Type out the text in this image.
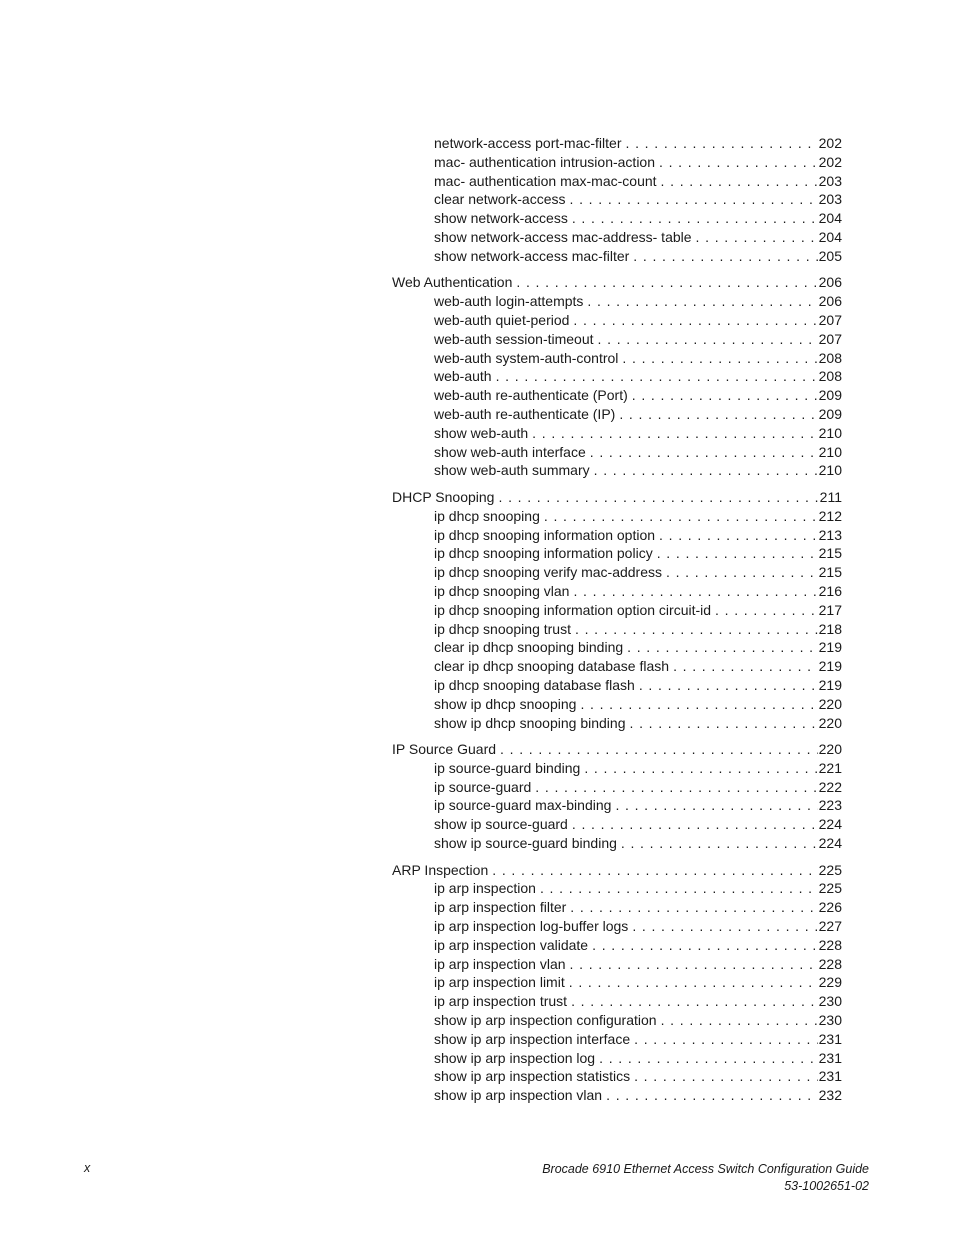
network-access port-mac-filter . . .	202
mac- authentication intrusion-action . . .	202
mac- authentication max-mac-count . . .	203
clear network-access . . .	203
show network-access . . .	204
show network-access mac-address- table . . .	204
show network-access mac-filter . . .	205
Web Authentication . . .	206
web-auth login-attempts . . .	206
web-auth quiet-period . . .	207
web-auth session-timeout . . .	207
web-auth system-auth-control . . .	208
web-auth . . .	208
web-auth re-authenticate (Port) . . .	209
web-auth re-authenticate (IP) . . .	209
show web-auth . . .	210
show web-auth interface . . .	210
show web-auth summary . . .	210
DHCP Snooping . . .	211
ip dhcp snooping . . .	212
ip dhcp snooping information option . . .	213
ip dhcp snooping information policy . . .	215
ip dhcp snooping verify mac-address . . .	215
ip dhcp snooping vlan . . .	216
ip dhcp snooping information option circuit-id . . .	217
ip dhcp snooping trust . . .	218
clear ip dhcp snooping binding . . .	219
clear ip dhcp snooping database flash . . .	219
ip dhcp snooping database flash . . .	219
show ip dhcp snooping . . .	220
show ip dhcp snooping binding . . .	220
IP Source Guard . . .	220
ip source-guard binding . . .	221
ip source-guard . . .	222
ip source-guard max-binding . . .	223
show ip source-guard . . .	224
show ip source-guard binding . . .	224
ARP Inspection . . .	225
ip arp inspection . . .	225
ip arp inspection filter . . .	226
ip arp inspection log-buffer logs . . .	227
ip arp inspection validate . . .	228
ip arp inspection vlan . . .	228
ip arp inspection limit . . .	229
ip arp inspection trust . . .	230
show ip arp inspection configuration . . .	230
show ip arp inspection interface . . .	231
show ip arp inspection log . . .	231
show ip arp inspection statistics . . .	231
show ip arp inspection vlan . . .	232
x	Brocade 6910 Ethernet Access Switch Configuration Guide
53-1002651-02
